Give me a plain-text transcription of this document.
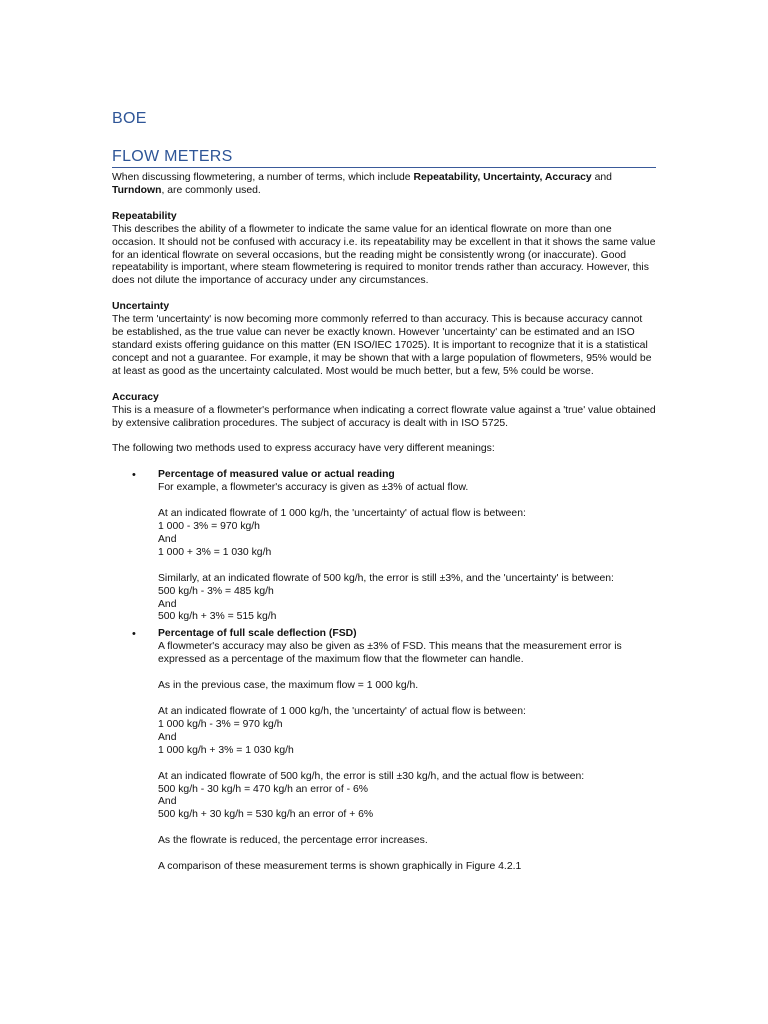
BOE
FLOW METERS

When discussing flowmetering, a number of terms, which include Repeatability, Uncertainty, Accuracy and Turndown, are commonly used.

Repeatability
This describes the ability of a flowmeter to indicate the same value for an identical flowrate on more than one occasion. It should not be confused with accuracy i.e. its repeatability may be excellent in that it shows the same value for an identical flowrate on several occasions, but the reading might be consistently wrong (or inaccurate). Good repeatability is important, where steam flowmetering is required to monitor trends rather than accuracy. However, this does not dilute the importance of accuracy under any circumstances.
Uncertainty
The term 'uncertainty' is now becoming more commonly referred to than accuracy. This is because accuracy cannot be established, as the true value can never be exactly known. However 'uncertainty' can be estimated and an ISO standard exists offering guidance on this matter (EN ISO/IEC 17025). It is important to recognize that it is a statistical concept and not a guarantee. For example, it may be shown that with a large population of flowmeters, 95% would be at least as good as the uncertainty calculated. Most would be much better, but a few, 5% could be worse.
Accuracy
This is a measure of a flowmeter's performance when indicating a correct flowrate value against a 'true' value obtained by extensive calibration procedures. The subject of accuracy is dealt with in ISO 5725.

The following two methods used to express accuracy have very different meanings:

• Percentage of measured value or actual reading

For example, a flowmeter's accuracy is given as ±3% of actual flow.

At an indicated flowrate of 1 000 kg/h, the 'uncertainty' of actual flow is between:
1 000 - 3% = 970 kg/h
And
1 000 + 3% = 1 030 kg/h

Similarly, at an indicated flowrate of 500 kg/h, the error is still ±3%, and the 'uncertainty' is between:
500 kg/h - 3% = 485 kg/h
And
500 kg/h + 3% = 515 kg/h

• Percentage of full scale deflection (FSD)

A flowmeter's accuracy may also be given as ±3% of FSD. This means that the measurement error is expressed as a percentage of the maximum flow that the flowmeter can handle.

As in the previous case, the maximum flow = 1 000 kg/h.

At an indicated flowrate of 1 000 kg/h, the 'uncertainty' of actual flow is between:
1 000 kg/h - 3% = 970 kg/h
And
1 000 kg/h + 3% = 1 030 kg/h

At an indicated flowrate of 500 kg/h, the error is still ±30 kg/h, and the actual flow is between:
500 kg/h - 30 kg/h = 470 kg/h an error of - 6%
And
500 kg/h + 30 kg/h = 530 kg/h an error of + 6%

As the flowrate is reduced, the percentage error increases.

A comparison of these measurement terms is shown graphically in Figure 4.2.1
